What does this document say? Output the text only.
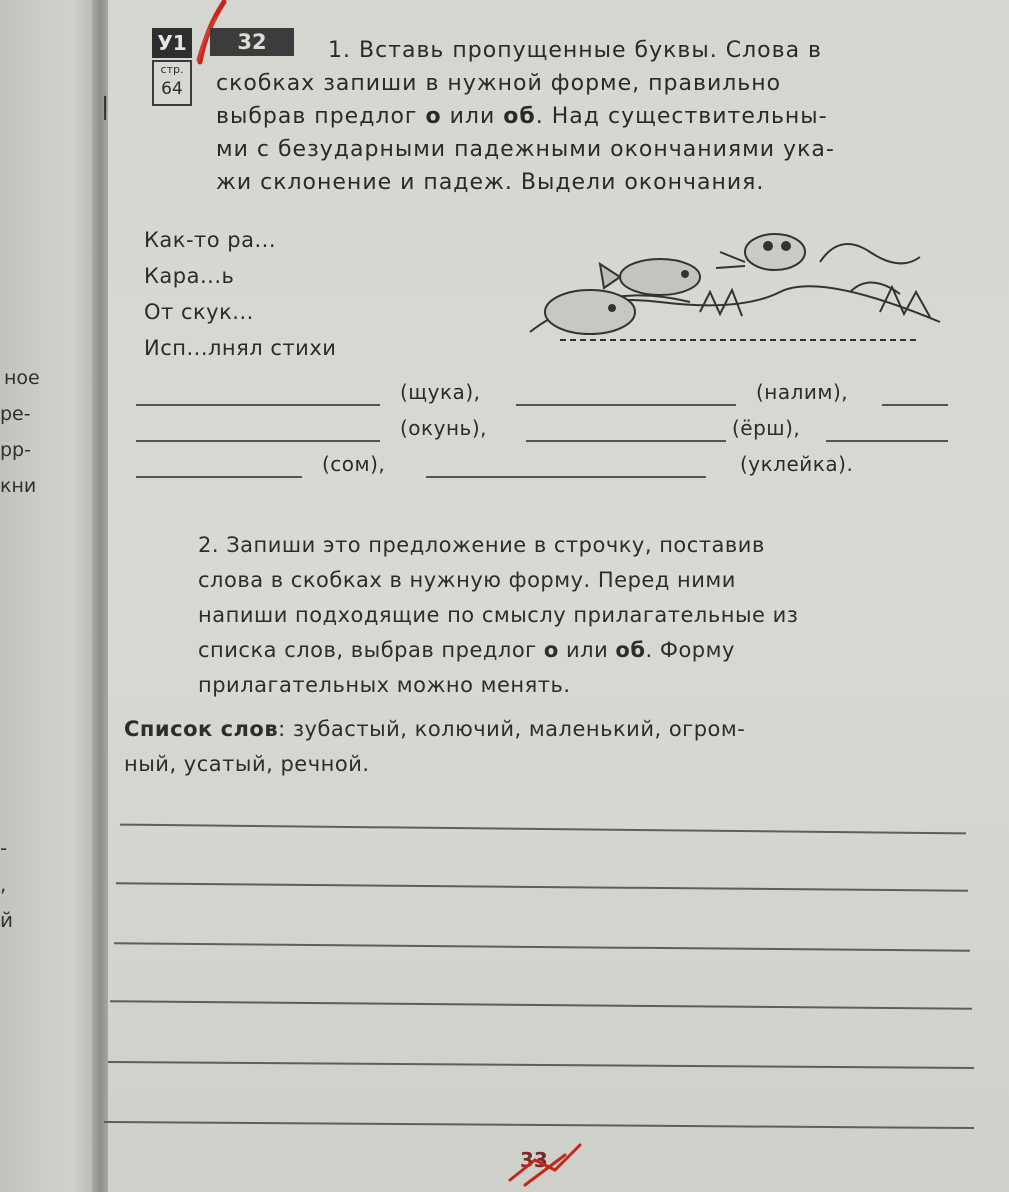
ное
ре-
рр-
кни
❘
-
,
й
У1
стр.
64
32	1. Вставь пропущенные буквы. Слова в
скобках запиши в нужной форме, правильно
выбрав предлог о или об. Над существительны-
ми с безударными падежными окончаниями ука-
жи склонение и падеж. Выдели окончания.
Как-то ра...
Кара...ь
От скук...
Исп...лнял стихи
(щука),	(налим),
(окунь),	(ёрш),
(сом),	(уклейка).
2. Запиши это предложение в строчку, поставив
слова в скобках в нужную форму. Перед ними
напиши подходящие по смыслу прилагательные из
списка слов, выбрав предлог о или об. Форму
прилагательных можно менять.
Список слов: зубастый, колючий, маленький, огром-
ный, усатый, речной.
33
